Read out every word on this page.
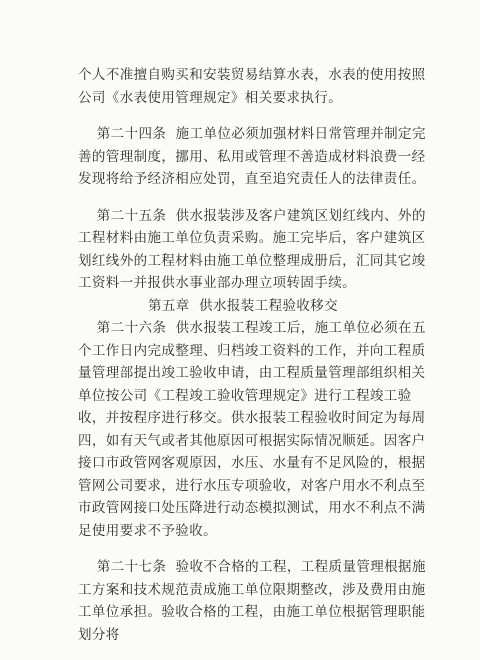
个人不准擅自购买和安装贸易结算水表，水表的使用按照公司《水表使用管理规定》相关要求执行。

第二十四条  施工单位必须加强材料日常管理并制定完善的管理制度，挪用、私用或管理不善造成材料浪费一经发现将给予经济相应处罚，直至追究责任人的法律责任。

第二十五条  供水报装涉及客户建筑区划红线内、外的工程材料由施工单位负责采购。施工完毕后，客户建筑区划红线外的工程材料由施工单位整理成册后，汇同其它竣工资料一并报供水事业部办理立项转固手续。

第五章  供水报装工程验收移交

第二十六条  供水报装工程竣工后，施工单位必须在五个工作日内完成整理、归档竣工资料的工作，并向工程质量管理部提出竣工验收申请，由工程质量管理部组织相关单位按公司《工程竣工验收管理规定》进行工程竣工验收，并按程序进行移交。供水报装工程验收时间定为每周四，如有天气或者其他原因可根据实际情况顺延。因客户接口市政管网客观原因，水压、水量有不足风险的，根据管网公司要求，进行水压专项验收，对客户用水不利点至市政管网接口处压降进行动态模拟测试，用水不利点不满足使用要求不予验收。

第二十七条  验收不合格的工程，工程质量管理根据施工方案和技术规范责成施工单位限期整改，涉及费用由施工单位承担。验收合格的工程，由施工单位根据管理职能划分将
